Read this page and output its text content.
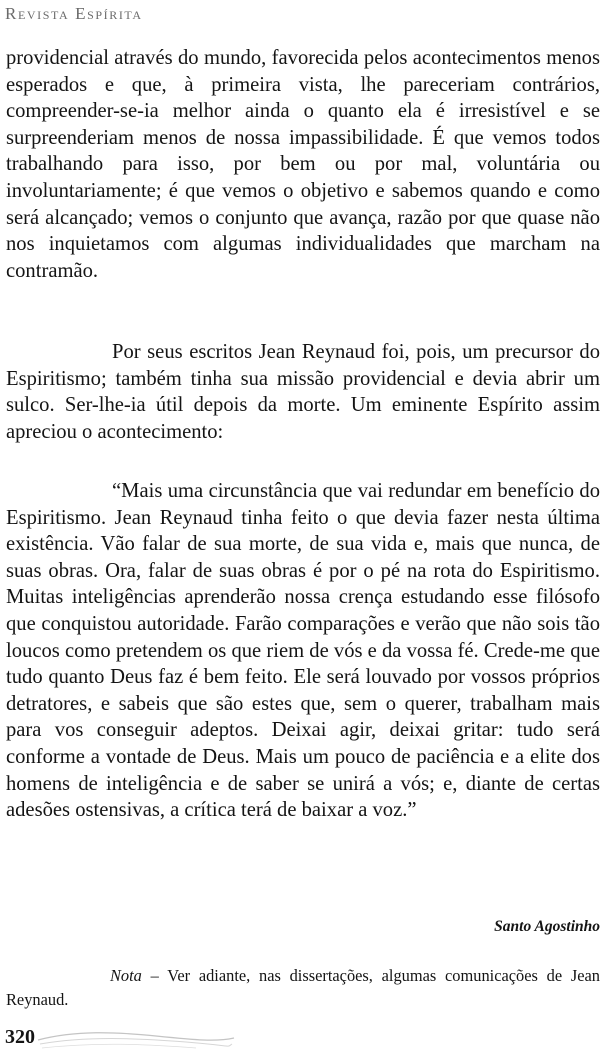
Revista Espírita

providencial através do mundo, favorecida pelos acontecimentos menos esperados e que, à primeira vista, lhe pareceriam contrários, compreender-se-ia melhor ainda o quanto ela é irresistível e se surpreenderiam menos de nossa impassibilidade. É que vemos todos trabalhando para isso, por bem ou por mal, voluntária ou involuntariamente; é que vemos o objetivo e sabemos quando e como será alcançado; vemos o conjunto que avança, razão por que quase não nos inquietamos com algumas individualidades que marcham na contramão.

Por seus escritos Jean Reynaud foi, pois, um precursor do Espiritismo; também tinha sua missão providencial e devia abrir um sulco. Ser-lhe-ia útil depois da morte. Um eminente Espírito assim apreciou o acontecimento:

“Mais uma circunstância que vai redundar em benefício do Espiritismo. Jean Reynaud tinha feito o que devia fazer nesta última existência. Vão falar de sua morte, de sua vida e, mais que nunca, de suas obras. Ora, falar de suas obras é por o pé na rota do Espiritismo. Muitas inteligências aprenderão nossa crença estudando esse filósofo que conquistou autoridade. Farão comparações e verão que não sois tão loucos como pretendem os que riem de vós e da vossa fé. Crede-me que tudo quanto Deus faz é bem feito. Ele será louvado por vossos próprios detratores, e sabeis que são estes que, sem o querer, trabalham mais para vos conseguir adeptos. Deixai agir, deixai gritar: tudo será conforme a vontade de Deus. Mais um pouco de paciência e a elite dos homens de inteligência e de saber se unirá a vós; e, diante de certas adesões ostensivas, a crítica terá de baixar a voz.”

Santo Agostinho

Nota – Ver adiante, nas dissertações, algumas comunicações de Jean Reynaud.

320
